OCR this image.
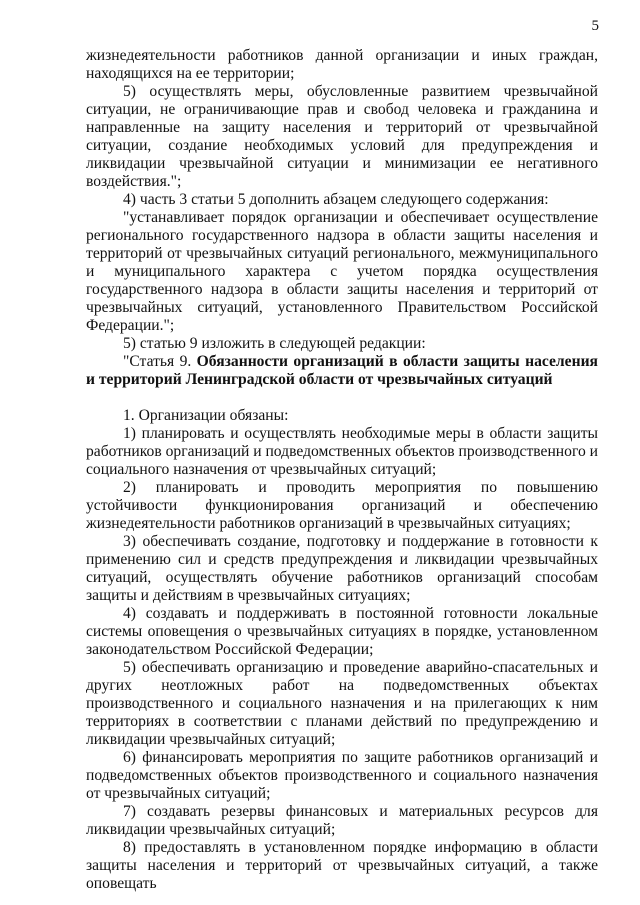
5

жизнедеятельности работников данной организации и иных граждан, находящихся на ее территории;

5) осуществлять меры, обусловленные развитием чрезвычайной ситуации, не ограничивающие прав и свобод человека и гражданина и направленные на защиту населения и территорий от чрезвычайной ситуации, создание необходимых условий для предупреждения и ликвидации чрезвычайной ситуации и минимизации ее негативного воздействия.";

4) часть 3 статьи 5 дополнить абзацем следующего содержания:

"устанавливает порядок организации и обеспечивает осуществление регионального государственного надзора в области защиты населения и территорий от чрезвычайных ситуаций регионального, межмуниципального и муниципального характера с учетом порядка осуществления государственного надзора в области защиты населения и территорий от чрезвычайных ситуаций, установленного Правительством Российской Федерации.";

5) статью 9 изложить в следующей редакции:

"Статья 9. Обязанности организаций в области защиты населения и территорий Ленинградской области от чрезвычайных ситуаций

1. Организации обязаны:

1) планировать и осуществлять необходимые меры в области защиты работников организаций и подведомственных объектов производственного и социального назначения от чрезвычайных ситуаций;

2) планировать и проводить мероприятия по повышению устойчивости функционирования организаций и обеспечению жизнедеятельности работников организаций в чрезвычайных ситуациях;

3) обеспечивать создание, подготовку и поддержание в готовности к применению сил и средств предупреждения и ликвидации чрезвычайных ситуаций, осуществлять обучение работников организаций способам защиты и действиям в чрезвычайных ситуациях;

4) создавать и поддерживать в постоянной готовности локальные системы оповещения о чрезвычайных ситуациях в порядке, установленном законодательством Российской Федерации;

5) обеспечивать организацию и проведение аварийно-спасательных и других неотложных работ на подведомственных объектах производственного и социального назначения и на прилегающих к ним территориях в соответствии с планами действий по предупреждению и ликвидации чрезвычайных ситуаций;

6) финансировать мероприятия по защите работников организаций и подведомственных объектов производственного и социального назначения от чрезвычайных ситуаций;

7) создавать резервы финансовых и материальных ресурсов для ликвидации чрезвычайных ситуаций;

8) предоставлять в установленном порядке информацию в области защиты населения и территорий от чрезвычайных ситуаций, а также оповещать
